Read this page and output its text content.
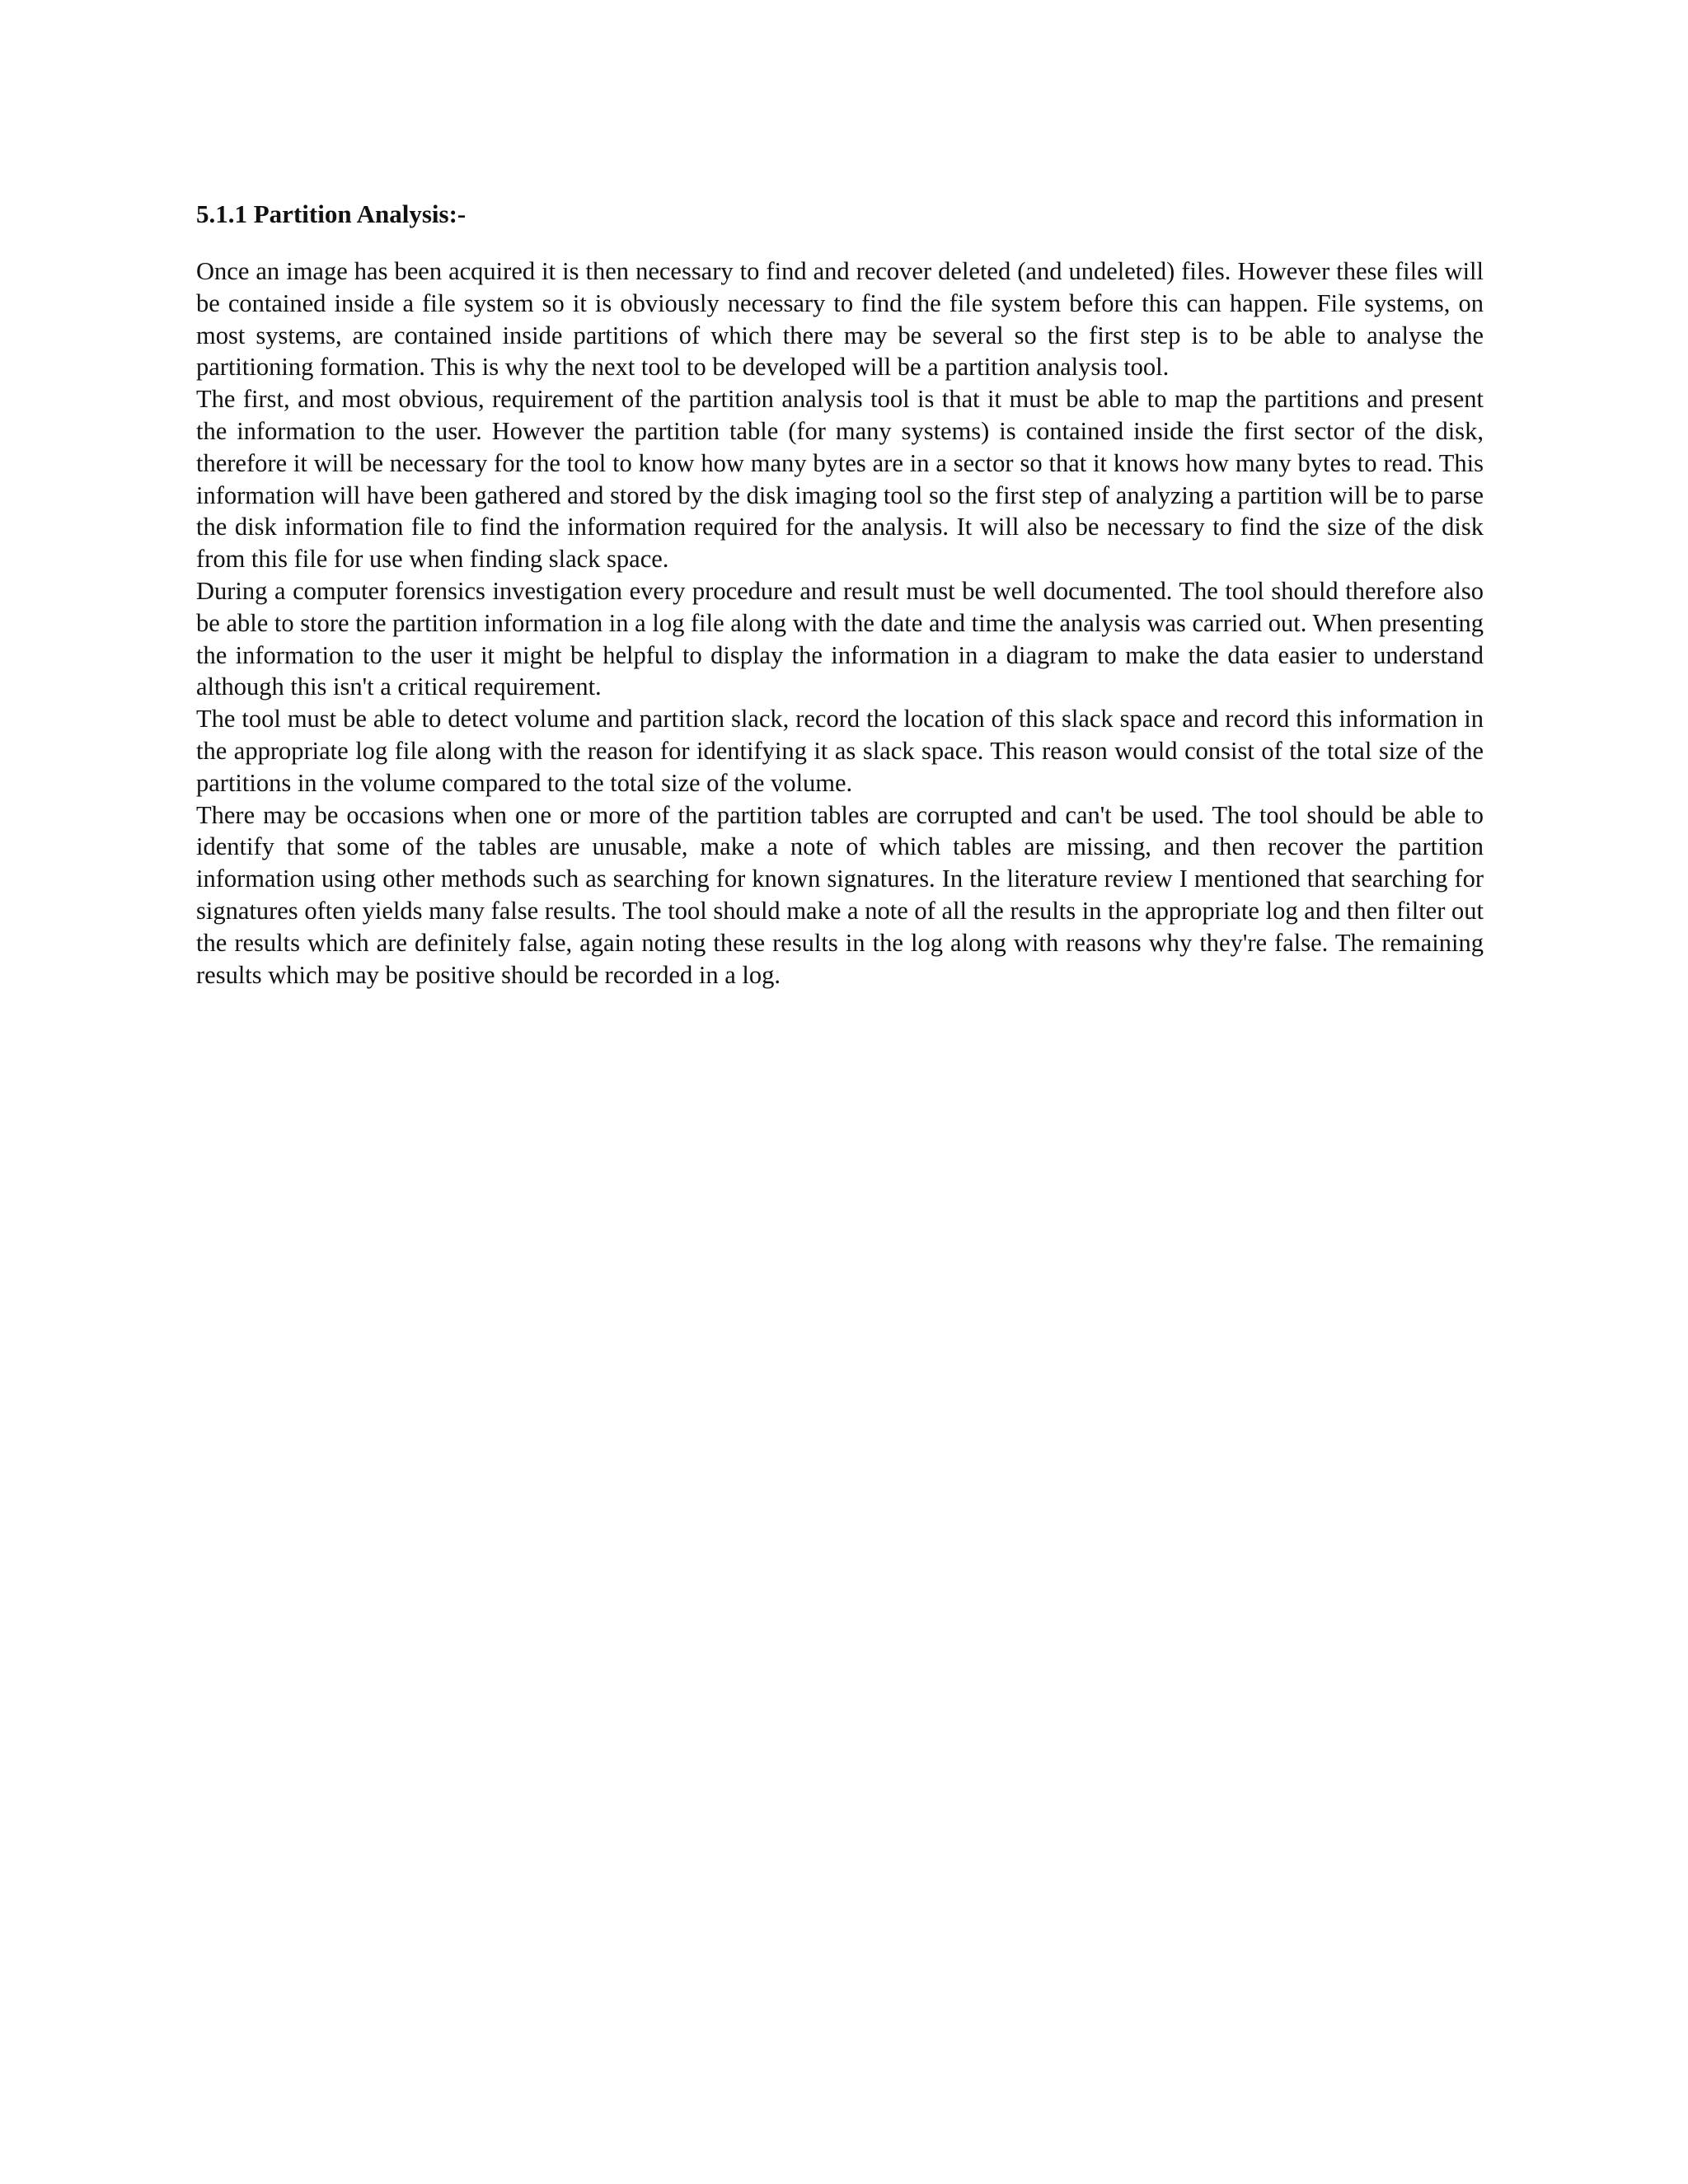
5.1.1 Partition Analysis:-

Once an image has been acquired it is then necessary to find and recover deleted (and undeleted) files. However these files will be contained inside a file system so it is obviously necessary to find the file system before this can happen. File systems, on most systems, are contained inside partitions of which there may be several so the first step is to be able to analyse the partitioning formation. This is why the next tool to be developed will be a partition analysis tool.

The first, and most obvious, requirement of the partition analysis tool is that it must be able to map the partitions and present the information to the user. However the partition table (for many systems) is contained inside the first sector of the disk, therefore it will be necessary for the tool to know how many bytes are in a sector so that it knows how many bytes to read. This information will have been gathered and stored by the disk imaging tool so the first step of analyzing a partition will be to parse the disk information file to find the information required for the analysis. It will also be necessary to find the size of the disk from this file for use when finding slack space.

During a computer forensics investigation every procedure and result must be well documented. The tool should therefore also be able to store the partition information in a log file along with the date and time the analysis was carried out. When presenting the information to the user it might be helpful to display the information in a diagram to make the data easier to understand although this isn't a critical requirement.

The tool must be able to detect volume and partition slack, record the location of this slack space and record this information in the appropriate log file along with the reason for identifying it as slack space. This reason would consist of the total size of the partitions in the volume compared to the total size of the volume.

There may be occasions when one or more of the partition tables are corrupted and can't be used. The tool should be able to identify that some of the tables are unusable, make a note of which tables are missing, and then recover the partition information using other methods such as searching for known signatures. In the literature review I mentioned that searching for signatures often yields many false results. The tool should make a note of all the results in the appropriate log and then filter out the results which are definitely false, again noting these results in the log along with reasons why they're false. The remaining results which may be positive should be recorded in a log.
